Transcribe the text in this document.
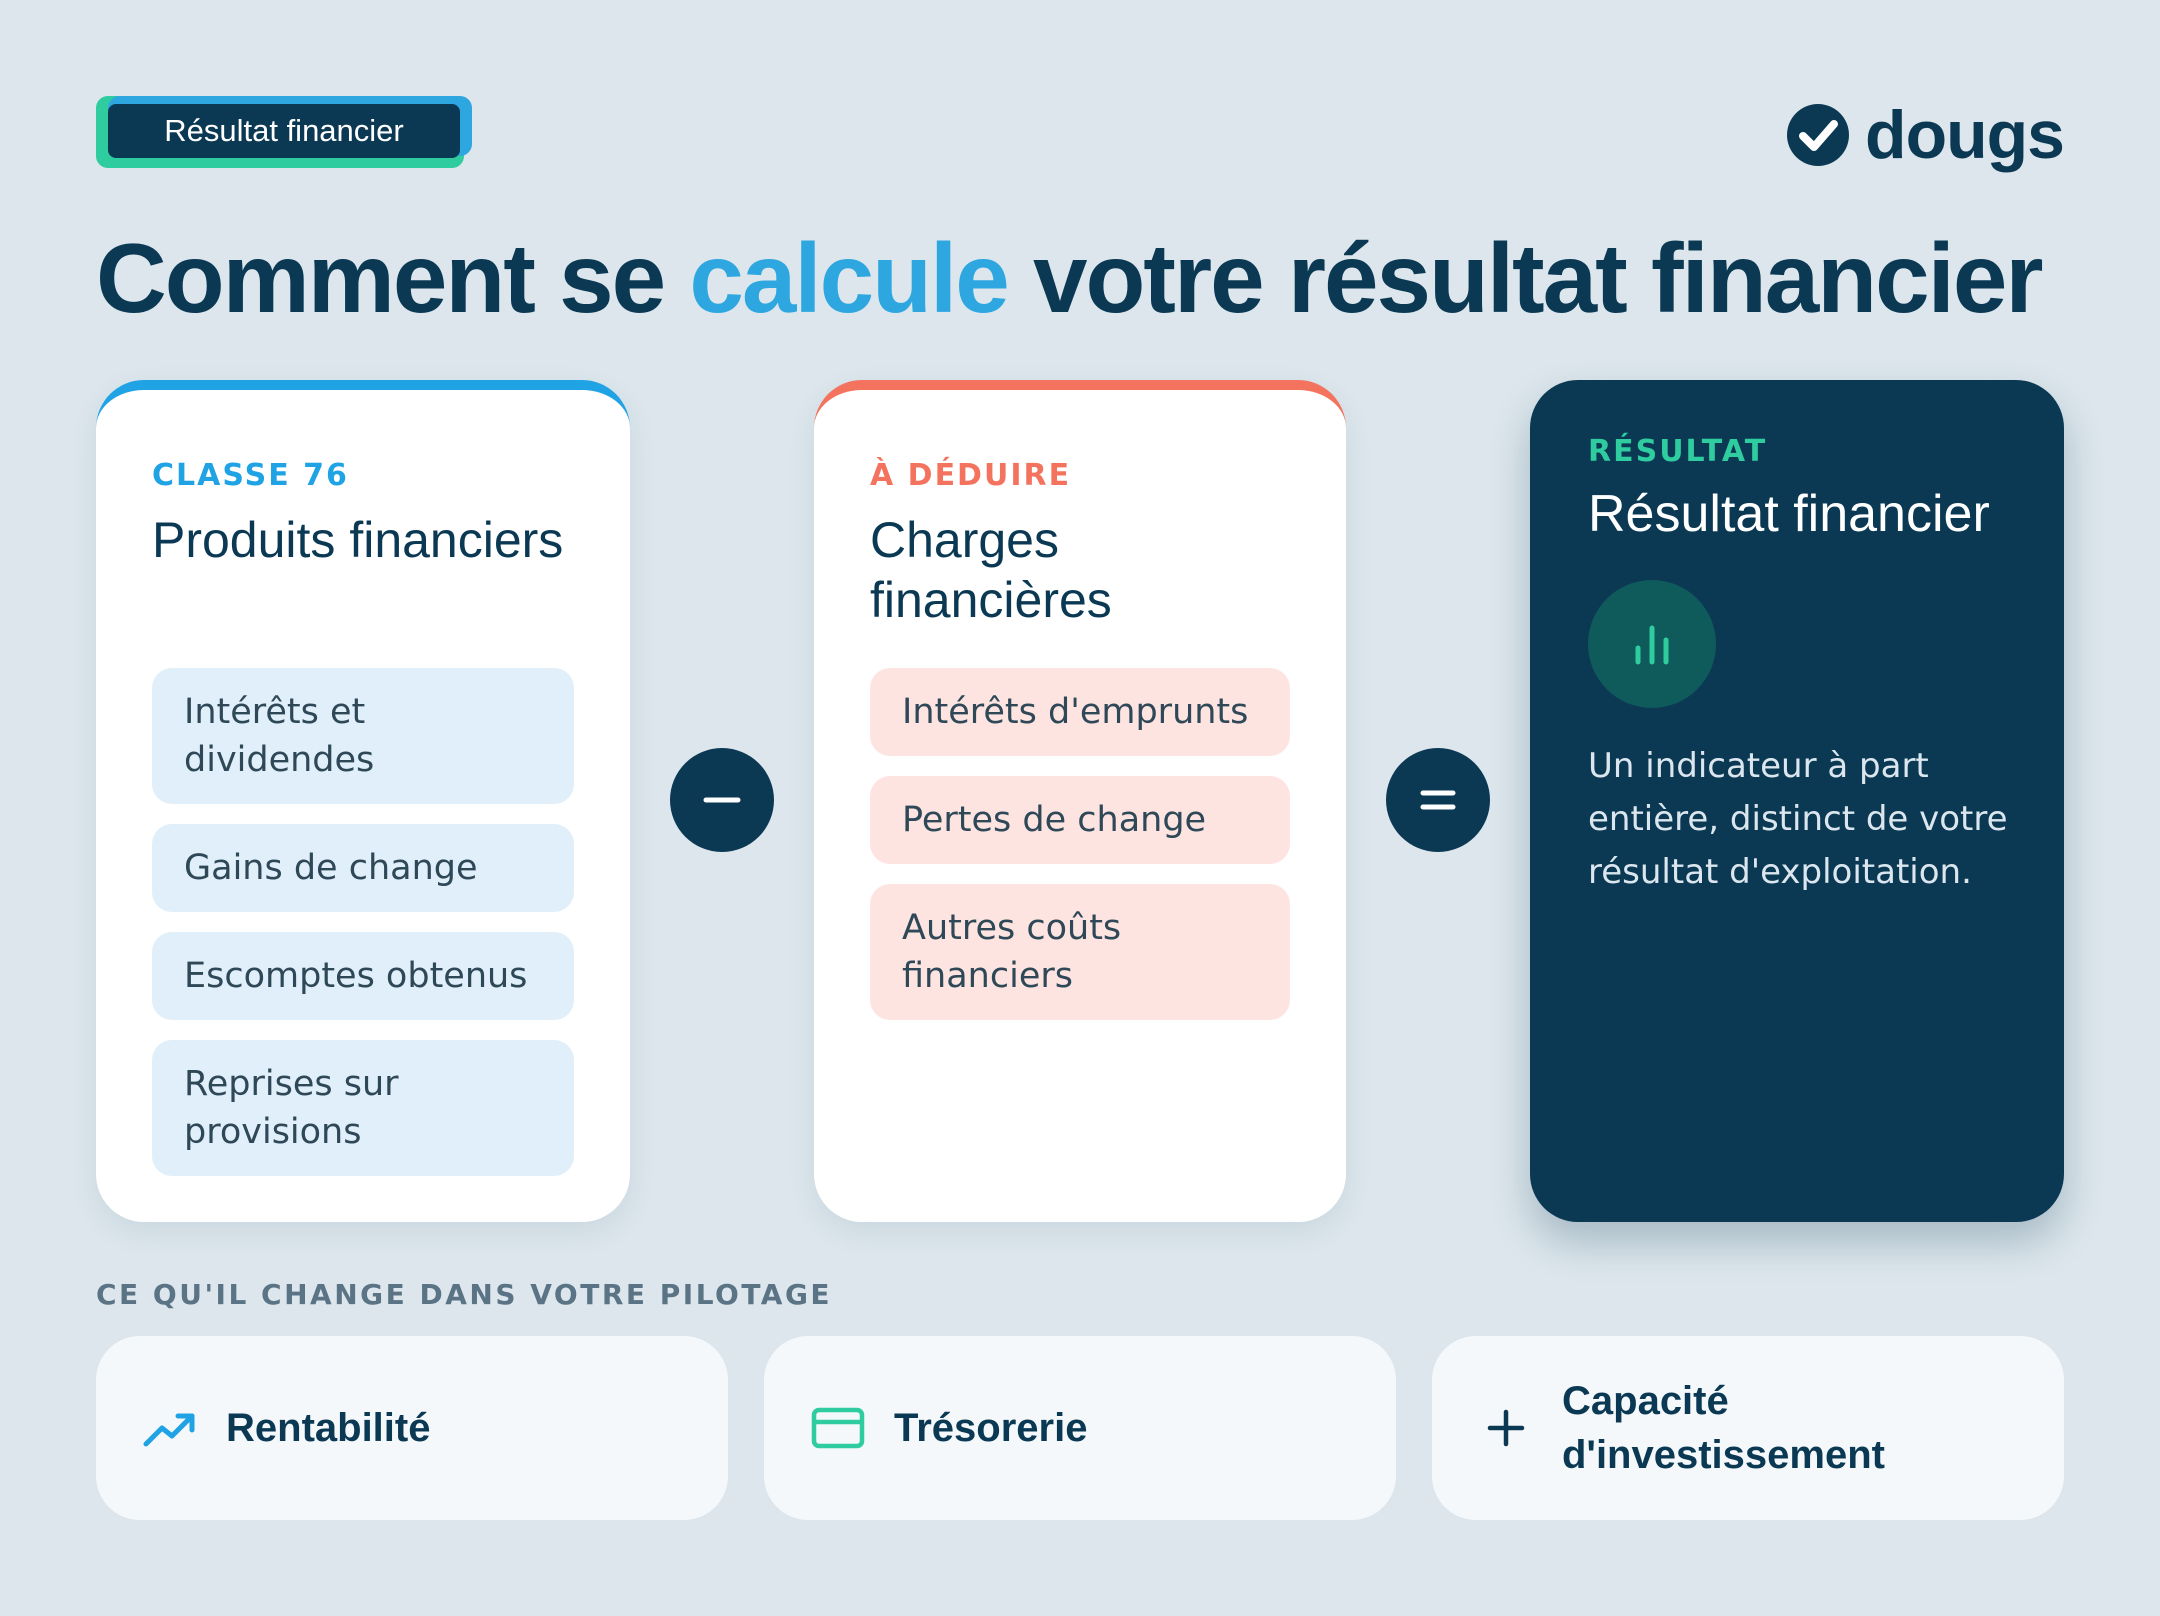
Résultat financier	dougs
Comment se calcule votre résultat financier
CLASSE 76
Produits financiers
Intérêts et dividendes
Gains de change
Escomptes obtenus
Reprises sur provisions
À DÉDUIRE
Charges financières
Intérêts d'emprunts
Pertes de change
Autres coûts financiers
RÉSULTAT
Résultat financier
Un indicateur à part entière, distinct de votre résultat d'exploitation.
CE QU'IL CHANGE DANS VOTRE PILOTAGE
Rentabilité	Trésorerie
Capacité d'investissement
